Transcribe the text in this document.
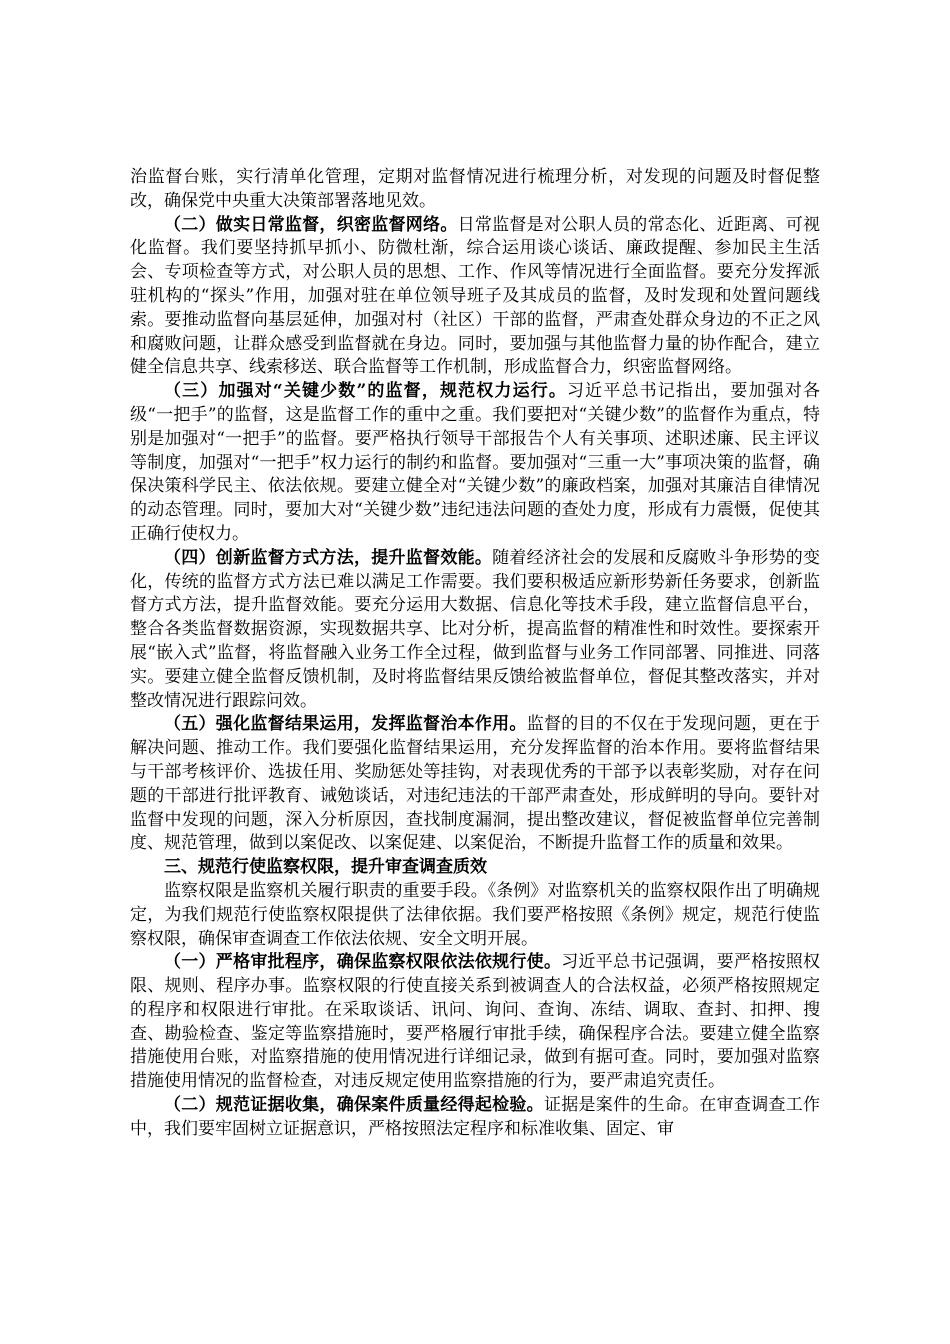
治监督台账，实行清单化管理，定期对监督情况进行梳理分析，对发现的问题及时督促整改，确保党中央重大决策部署落地见效。

（二）做实日常监督，织密监督网络。日常监督是对公职人员的常态化、近距离、可视化监督。我们要坚持抓早抓小、防微杜渐，综合运用谈心谈话、廉政提醒、参加民主生活会、专项检查等方式，对公职人员的思想、工作、作风等情况进行全面监督。要充分发挥派驻机构的“探头”作用，加强对驻在单位领导班子及其成员的监督，及时发现和处置问题线索。要推动监督向基层延伸，加强对村（社区）干部的监督，严肃查处群众身边的不正之风和腐败问题，让群众感受到监督就在身边。同时，要加强与其他监督力量的协作配合，建立健全信息共享、线索移送、联合监督等工作机制，形成监督合力，织密监督网络。

（三）加强对“关键少数”的监督，规范权力运行。习近平总书记指出，要加强对各级“一把手”的监督，这是监督工作的重中之重。我们要把对“关键少数”的监督作为重点，特别是加强对“一把手”的监督。要严格执行领导干部报告个人有关事项、述职述廉、民主评议等制度，加强对“一把手”权力运行的制约和监督。要加强对“三重一大”事项决策的监督，确保决策科学民主、依法依规。要建立健全对“关键少数”的廉政档案，加强对其廉洁自律情况的动态管理。同时，要加大对“关键少数”违纪违法问题的查处力度，形成有力震慑，促使其正确行使权力。

（四）创新监督方式方法，提升监督效能。随着经济社会的发展和反腐败斗争形势的变化，传统的监督方式方法已难以满足工作需要。我们要积极适应新形势新任务要求，创新监督方式方法，提升监督效能。要充分运用大数据、信息化等技术手段，建立监督信息平台，整合各类监督数据资源，实现数据共享、比对分析，提高监督的精准性和时效性。要探索开展“嵌入式”监督，将监督融入业务工作全过程，做到监督与业务工作同部署、同推进、同落实。要建立健全监督反馈机制，及时将监督结果反馈给被监督单位，督促其整改落实，并对整改情况进行跟踪问效。

（五）强化监督结果运用，发挥监督治本作用。监督的目的不仅在于发现问题，更在于解决问题、推动工作。我们要强化监督结果运用，充分发挥监督的治本作用。要将监督结果与干部考核评价、选拔任用、奖励惩处等挂钩，对表现优秀的干部予以表彰奖励，对存在问题的干部进行批评教育、诫勉谈话，对违纪违法的干部严肃查处，形成鲜明的导向。要针对监督中发现的问题，深入分析原因，查找制度漏洞，提出整改建议，督促被监督单位完善制度、规范管理，做到以案促改、以案促建、以案促治，不断提升监督工作的质量和效果。

三、规范行使监察权限，提升审查调查质效

监察权限是监察机关履行职责的重要手段。《条例》对监察机关的监察权限作出了明确规定，为我们规范行使监察权限提供了法律依据。我们要严格按照《条例》规定，规范行使监察权限，确保审查调查工作依法依规、安全文明开展。

（一）严格审批程序，确保监察权限依法依规行使。习近平总书记强调，要严格按照权限、规则、程序办事。监察权限的行使直接关系到被调查人的合法权益，必须严格按照规定的程序和权限进行审批。在采取谈话、讯问、询问、查询、冻结、调取、查封、扣押、搜查、勘验检查、鉴定等监察措施时，要严格履行审批手续，确保程序合法。要建立健全监察措施使用台账，对监察措施的使用情况进行详细记录，做到有据可查。同时，要加强对监察措施使用情况的监督检查，对违反规定使用监察措施的行为，要严肃追究责任。

（二）规范证据收集，确保案件质量经得起检验。证据是案件的生命。在审查调查工作中，我们要牢固树立证据意识，严格按照法定程序和标准收集、固定、审
